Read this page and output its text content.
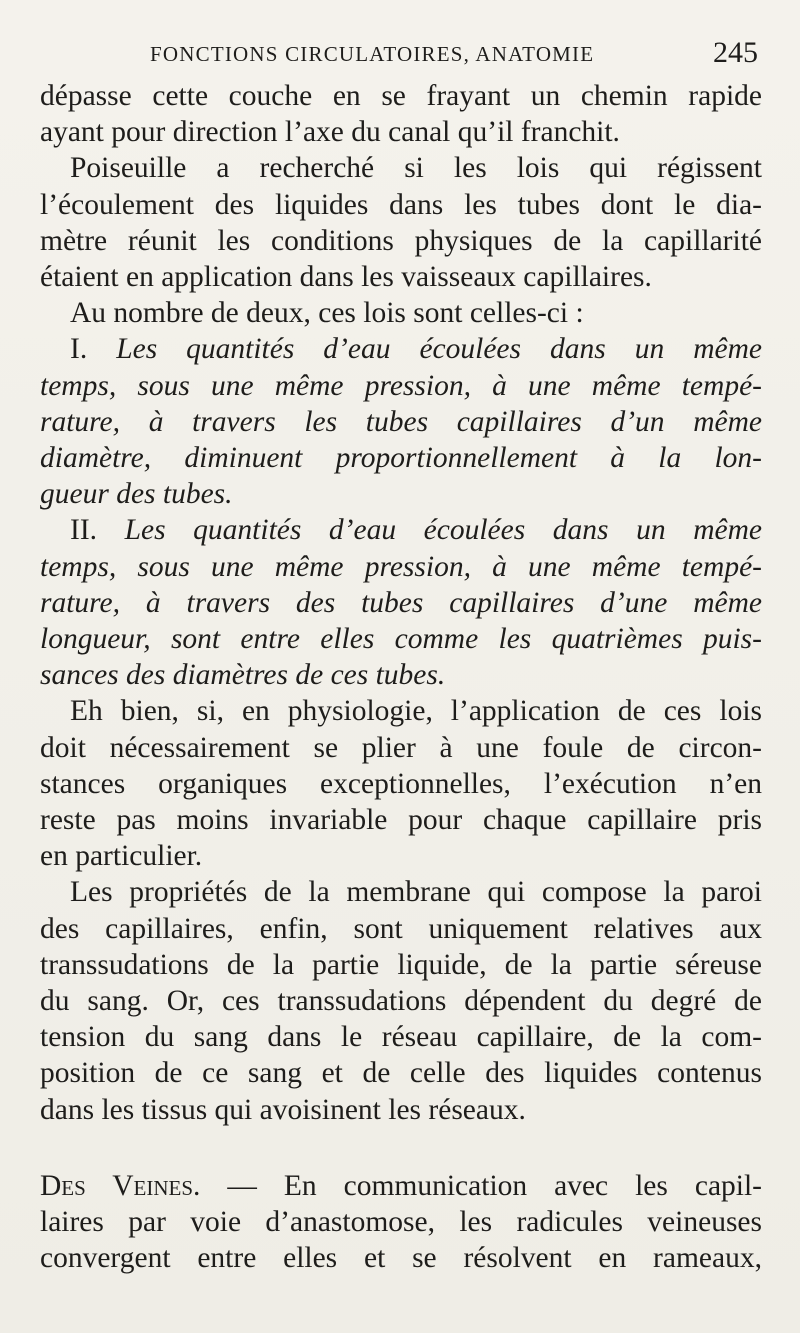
FONCTIONS CIRCULATOIRES, ANATOMIE	245
dépasse cette couche en se frayant un chemin rapide
ayant pour direction l’axe du canal qu’il franchit.
Poiseuille a recherché si les lois qui régissent
l’écoulement des liquides dans les tubes dont le dia-
mètre réunit les conditions physiques de la capillarité
étaient en application dans les vaisseaux capillaires.
Au nombre de deux, ces lois sont celles-ci :
I. Les quantités d’eau écoulées dans un même
temps, sous une même pression, à une même tempé-
rature, à travers les tubes capillaires d’un même
diamètre, diminuent proportionnellement à la lon-
gueur des tubes.
II. Les quantités d’eau écoulées dans un même
temps, sous une même pression, à une même tempé-
rature, à travers des tubes capillaires d’une même
longueur, sont entre elles comme les quatrièmes puis-
sances des diamètres de ces tubes.
Eh bien, si, en physiologie, l’application de ces lois
doit nécessairement se plier à une foule de circon-
stances organiques exceptionnelles, l’exécution n’en
reste pas moins invariable pour chaque capillaire pris
en particulier.
Les propriétés de la membrane qui compose la paroi
des capillaires, enfin, sont uniquement relatives aux
transsudations de la partie liquide, de la partie séreuse
du sang. Or, ces transsudations dépendent du degré de
tension du sang dans le réseau capillaire, de la com-
position de ce sang et de celle des liquides contenus
dans les tissus qui avoisinent les réseaux.
Des Veines. — En communication avec les capil-
laires par voie d’anastomose, les radicules veineuses
convergent entre elles et se résolvent en rameaux,
